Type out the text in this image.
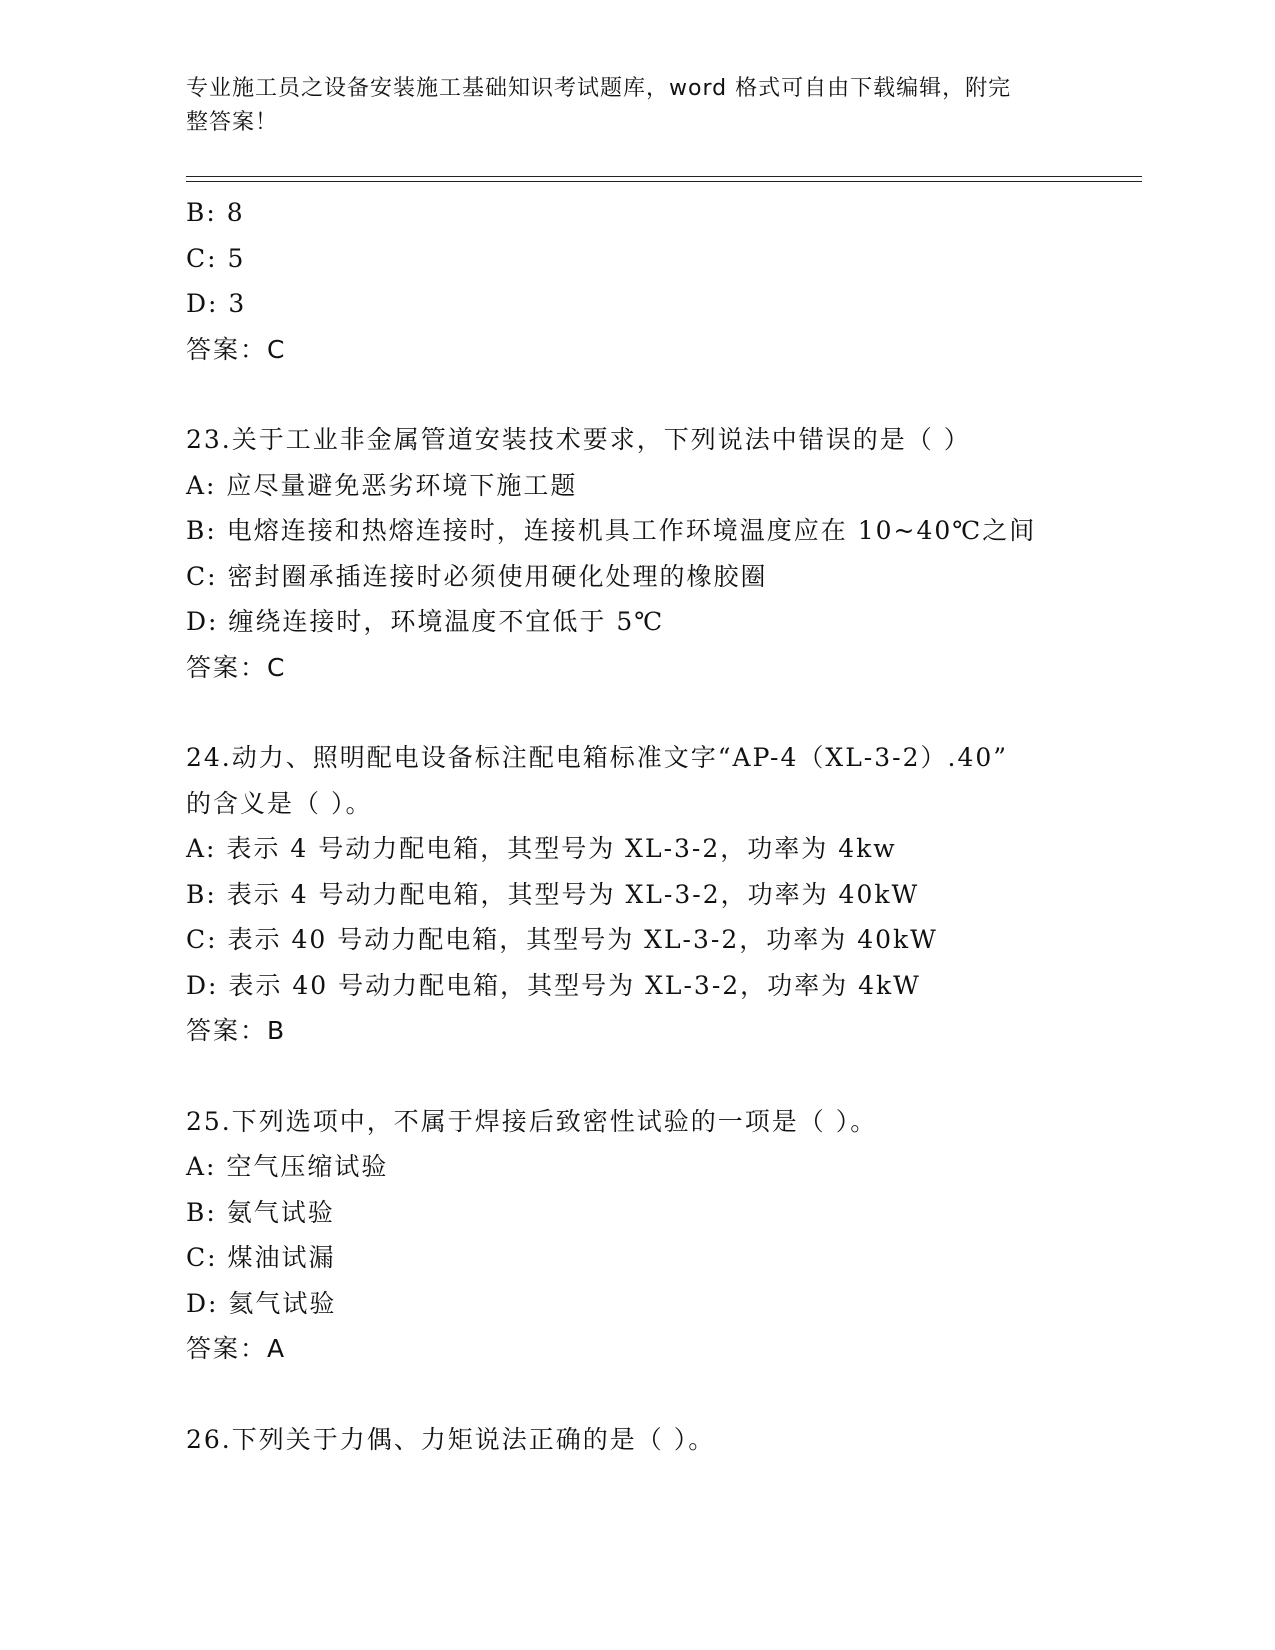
专业施工员之设备安装施工基础知识考试题库，word 格式可自由下载编辑，附完
整答案！
B: 8
C: 5
D: 3
答案：C
23.关于工业非金属管道安装技术要求，下列说法中错误的是（ ）
A: 应尽量避免恶劣环境下施工题
B: 电熔连接和热熔连接时，连接机具工作环境温度应在 10~40℃之间
C: 密封圈承插连接时必须使用硬化处理的橡胶圈
D: 缠绕连接时，环境温度不宜低于 5℃
答案：C
24.动力、照明配电设备标注配电箱标准文字“AP-4（XL-3-2）.40”
的含义是（ ）。
A: 表示 4 号动力配电箱，其型号为 XL-3-2，功率为 4kw
B: 表示 4 号动力配电箱，其型号为 XL-3-2，功率为 40kW
C: 表示 40 号动力配电箱，其型号为 XL-3-2，功率为 40kW
D: 表示 40 号动力配电箱，其型号为 XL-3-2，功率为 4kW
答案：B
25.下列选项中，不属于焊接后致密性试验的一项是（ ）。
A: 空气压缩试验
B: 氨气试验
C: 煤油试漏
D: 氦气试验
答案：A
26.下列关于力偶、力矩说法正确的是（ ）。
